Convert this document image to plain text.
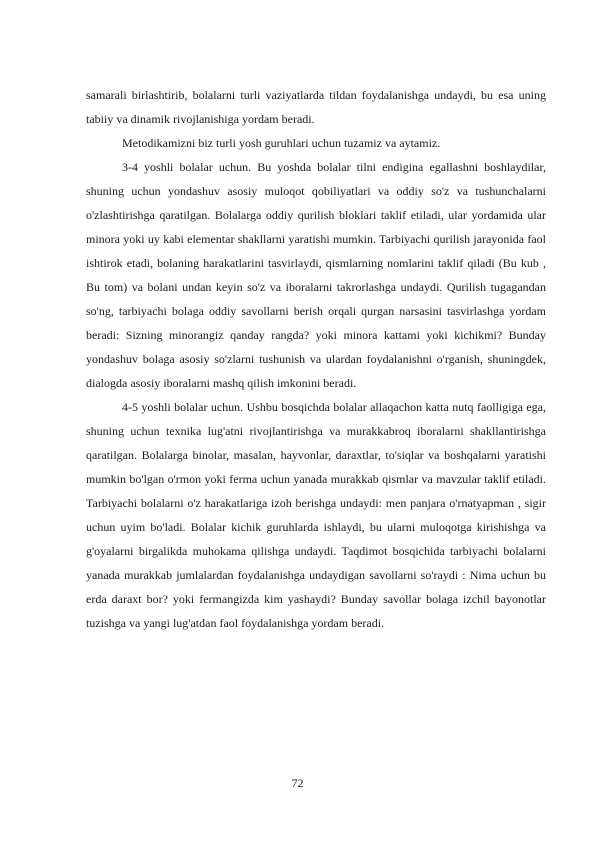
samarali birlashtirib, bolalarni turli vaziyatlarda tildan foydalanishga undaydi, bu esa uning tabiiy va dinamik rivojlanishiga yordam beradi.

Metodikamizni biz turli yosh guruhlari uchun tuzamiz va aytamiz.

3-4 yoshli bolalar uchun. Bu yoshda bolalar tilni endigina egallashni boshlaydilar, shuning uchun yondashuv asosiy muloqot qobiliyatlari va oddiy so'z va tushunchalarni o'zlashtirishga qaratilgan. Bolalarga oddiy qurilish bloklari taklif etiladi, ular yordamida ular minora yoki uy kabi elementar shakllarni yaratishi mumkin. Tarbiyachi qurilish jarayonida faol ishtirok etadi, bolaning harakatlarini tasvirlaydi, qismlarning nomlarini taklif qiladi (Bu kub , Bu tom) va bolani undan keyin so'z va iboralarni takrorlashga undaydi. Qurilish tugagandan so'ng, tarbiyachi bolaga oddiy savollarni berish orqali qurgan narsasini tasvirlashga yordam beradi: Sizning minorangiz qanday rangda? yoki minora kattami yoki kichikmi? Bunday yondashuv bolaga asosiy so'zlarni tushunish va ulardan foydalanishni o'rganish, shuningdek, dialogda asosiy iboralarni mashq qilish imkonini beradi.

4-5 yoshli bolalar uchun. Ushbu bosqichda bolalar allaqachon katta nutq faolligiga ega, shuning uchun texnika lug'atni rivojlantirishga va murakkabroq iboralarni shakllantirishga qaratilgan. Bolalarga binolar, masalan, hayvonlar, daraxtlar, to'siqlar va boshqalarni yaratishi mumkin bo'lgan o'rmon yoki ferma uchun yanada murakkab qismlar va mavzular taklif etiladi. Tarbiyachi bolalarni o'z harakatlariga izoh berishga undaydi: men panjara o'rnatyapman , sigir uchun uyim bo'ladi. Bolalar kichik guruhlarda ishlaydi, bu ularni muloqotga kirishishga va g'oyalarni birgalikda muhokama qilishga undaydi. Taqdimot bosqichida tarbiyachi bolalarni yanada murakkab jumlalardan foydalanishga undaydigan savollarni so'raydi : Nima uchun bu erda daraxt bor? yoki fermangizda kim yashaydi? Bunday savollar bolaga izchil bayonotlar tuzishga va yangi lug'atdan faol foydalanishga yordam beradi.

72
